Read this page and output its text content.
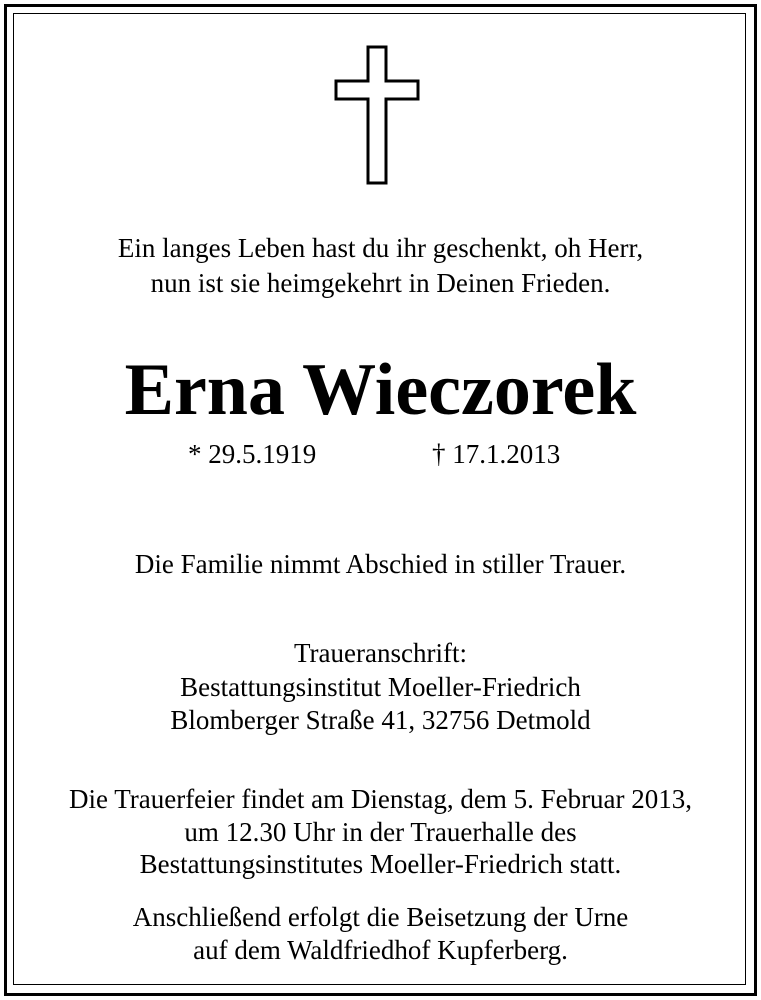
Ein langes Leben hast du ihr geschenkt, oh Herr,
nun ist sie heimgekehrt in Deinen Frieden.
Erna Wieczorek
* 29.5.1919	† 17.1.2013
Die Familie nimmt Abschied in stiller Trauer.
Traueranschrift:
Bestattungsinstitut Moeller-Friedrich
Blomberger Straße 41, 32756 Detmold
Die Trauerfeier findet am Dienstag, dem 5. Februar 2013,
um 12.30 Uhr in der Trauerhalle des
Bestattungsinstitutes Moeller-Friedrich statt.
Anschließend erfolgt die Beisetzung der Urne
auf dem Waldfriedhof Kupferberg.
